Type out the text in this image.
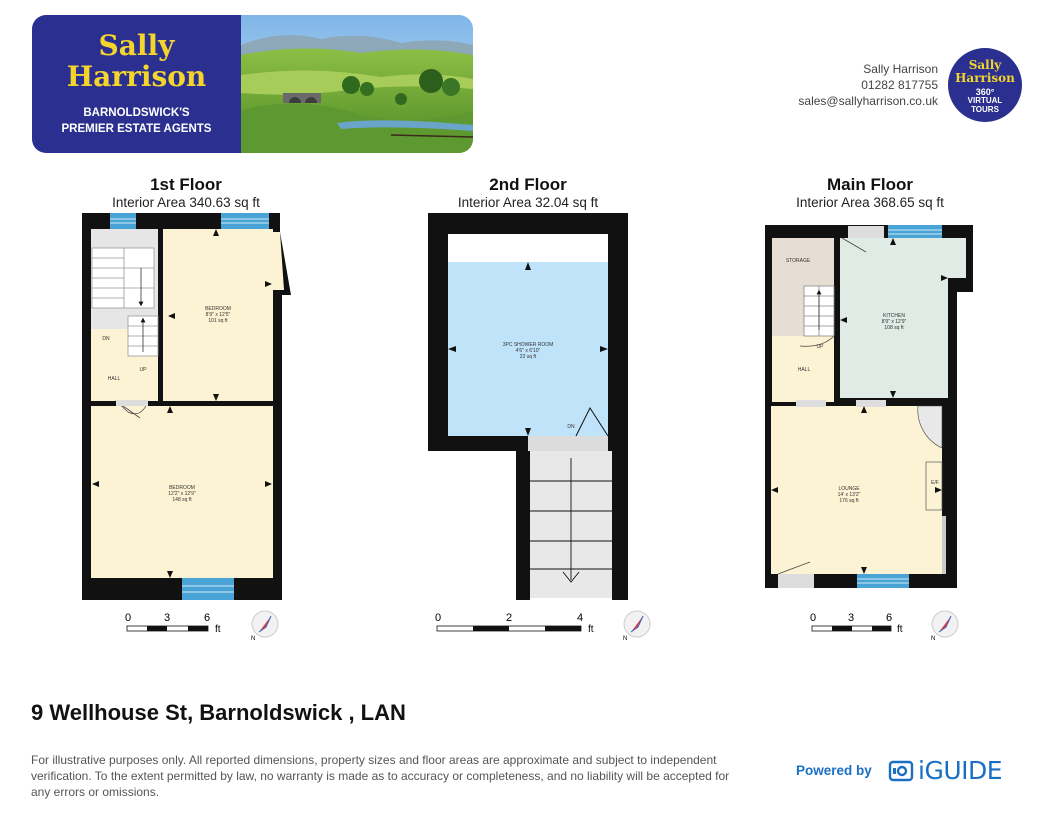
Sally
Harrison
BARNOLDSWICK'S
PREMIER ESTATE AGENTS
Sally Harrison
01282 817755
sales@sallyharrison.co.uk
Sally
Harrison
360°
VIRTUAL
TOURS
1st Floor
Interior Area 340.63 sq ft
2nd Floor
Interior Area 32.04 sq ft
Main Floor
Interior Area 368.65 sq ft
BEDROOM
8'9" x 12'5"
101 sq ft
BEDROOM
12'2" x 12'9"
148 sq ft
HALL
DN
UP
3PC SHOWER ROOM
4'6" x 6'10"
22 sq ft
DN
STORAGE
KITCHEN
8'9" x 12'9"
108 sq ft
HALL
UP
LOUNGE
14' x 13'2"
176 sq ft
E/F
0	3	6
ft
0	2	4
ft
0	3	6
ft
N	N	N
9 Wellhouse St, Barnoldswick , LAN
For illustrative purposes only. All reported dimensions, property sizes and floor areas are approximate and subject to independent verification. To the extent permitted by law, no warranty is made as to accuracy or completeness, and no liability will be accepted for any errors or omissions.
Powered by iGUIDE
